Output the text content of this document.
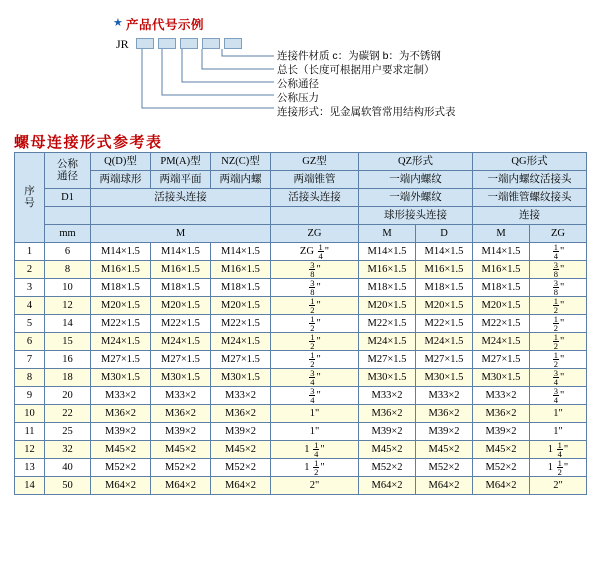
★ 产品代号示例
JR
连接件材质 c：为碳钢 b：为不锈钢
总长（长度可根据用户要求定制）
公称通径
公称压力
连接形式：见金属软管常用结构形式表
螺母连接形式参考表
序
号	公称
通径	Q(D)型	PM(A)型	NZ(C)型	GZ型	QZ形式		QG形式	
		两端球形	两端平面	两端内螺	两端锥管	一端内螺纹		一端内螺纹活接头	
	D1	活接头连接			活接头连接	一端外螺纹		一端锥管螺纹接头	
						球形接头连接		连接	
	mm	M			ZG	M	D	M	ZG
1	6	M14×1.5	M14×1.5	M14×1.5	ZG $\frac{1}{4}$ "	M14×1.5	M14×1.5	M14×1.5	$\frac{1}{4}$ "
2	8	M16×1.5	M16×1.5	M16×1.5	$\frac{3}{8}$ "	M16×1.5	M16×1.5	M16×1.5	$\frac{3}{8}$ "
3	10	M18×1.5	M18×1.5	M18×1.5	$\frac{3}{8}$ "	M18×1.5	M18×1.5	M18×1.5	$\frac{3}{8}$ "
4	12	M20×1.5	M20×1.5	M20×1.5	$\frac{1}{2}$ "	M20×1.5	M20×1.5	M20×1.5	$\frac{1}{2}$ "
5	14	M22×1.5	M22×1.5	M22×1.5	$\frac{1}{2}$ "	M22×1.5	M22×1.5	M22×1.5	$\frac{1}{2}$ "
6	15	M24×1.5	M24×1.5	M24×1.5	$\frac{1}{2}$ "	M24×1.5	M24×1.5	M24×1.5	$\frac{1}{2}$ "
7	16	M27×1.5	M27×1.5	M27×1.5	$\frac{1}{2}$ "	M27×1.5	M27×1.5	M27×1.5	$\frac{1}{2}$ "
8	18	M30×1.5	M30×1.5	M30×1.5	$\frac{3}{4}$ "	M30×1.5	M30×1.5	M30×1.5	$\frac{3}{4}$ "
9	20	M33×2	M33×2	M33×2	$\frac{3}{4}$ "	M33×2	M33×2	M33×2	$\frac{3}{4}$ "
10	22	M36×2	M36×2	M36×2	1"	M36×2	M36×2	M36×2	1"
11	25	M39×2	M39×2	M39×2	1"	M39×2	M39×2	M39×2	1"
12	32	M45×2	M45×2	M45×2	$1 \frac{1}{4}$ "	M45×2	M45×2	M45×2	$1 \frac{1}{4}$ "
13	40	M52×2	M52×2	M52×2	$1 \frac{1}{2}$ "	M52×2	M52×2	M52×2	$1 \frac{1}{2}$ "
14	50	M64×2	M64×2	M64×2	2"	M64×2	M64×2	M64×2	2"
